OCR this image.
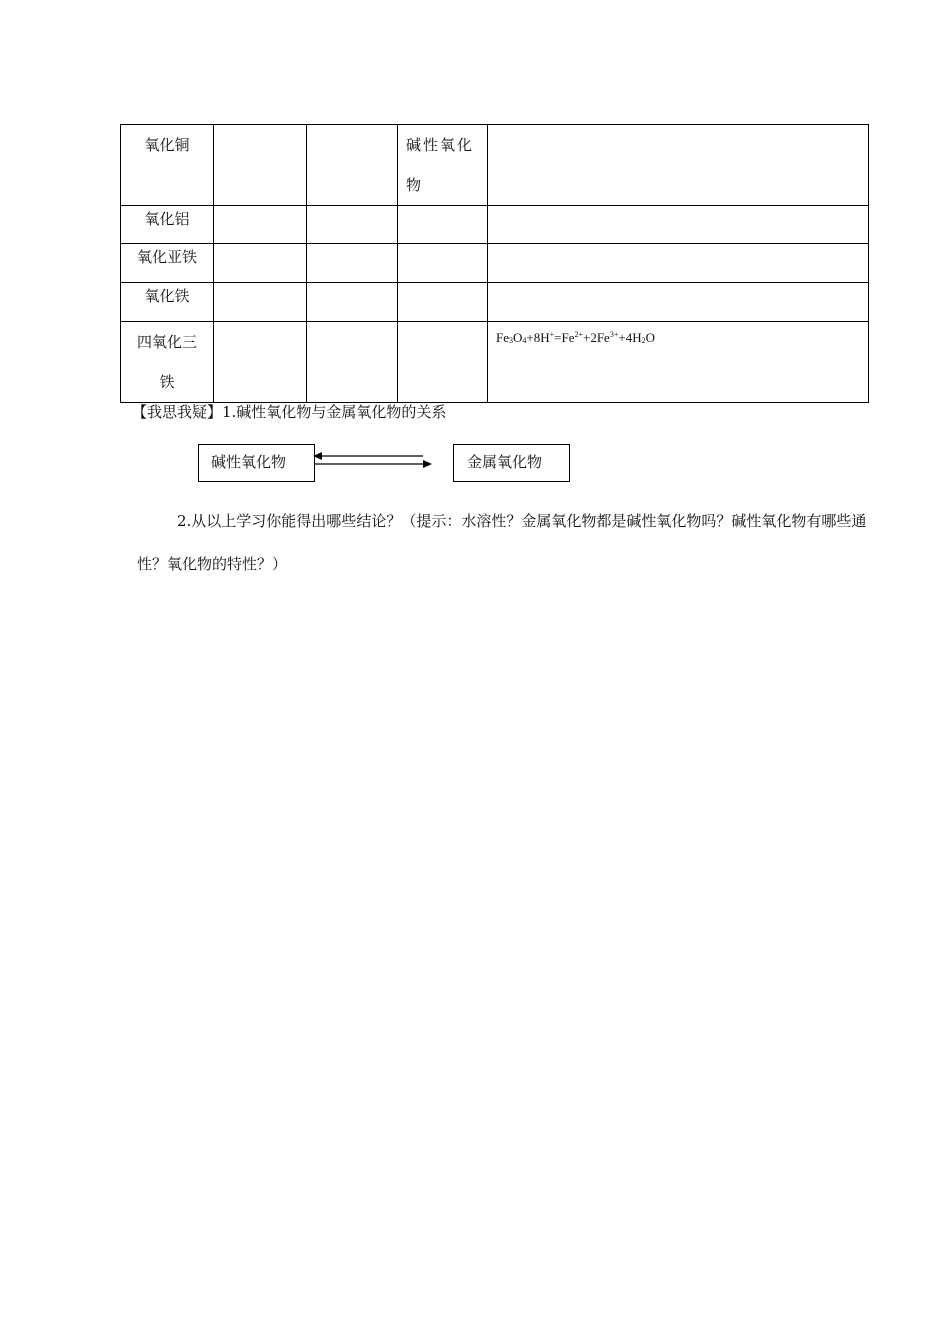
氧化铜			碱性氧化
物	
氧化铝				
氧化亚铁				
氧化铁				
四氧化三
铁				$Fe_3O_4+8H^+=Fe^{2+}+2Fe^{3+}+4H_2O$
【我思我疑】1.碱性氧化物与金属氧化物的关系
碱性氧化物	金属氧化物
2.从以上学习你能得出哪些结论？（提示：水溶性？金属氧化物都是碱性氧化物吗？碱性氧化物有哪些通性？氧化物的特性？）
